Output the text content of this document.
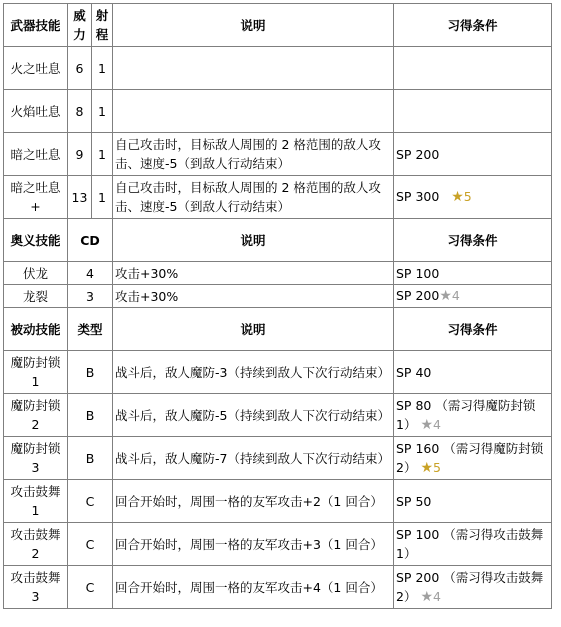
武器技能	威力	射程	说明	习得条件
火之吐息	6	1		
火焰吐息	8	1		
暗之吐息	9	1	自己攻击时，目标敌人周围的 2 格范围的敌人攻击、速度-5（到敌人行动结束）	SP 200
暗之吐息+	13	1	自己攻击时，目标敌人周围的 2 格范围的敌人攻击、速度-5（到敌人行动结束）	SP 300 ★5
奥义技能	CD		说明	习得条件
伏龙	4		攻击+30%	SP 100
龙裂	3		攻击+30%	SP 200★4
被动技能	类型		说明	习得条件
魔防封锁 1	B		战斗后，敌人魔防-3（持续到敌人下次行动结束）	SP 40
魔防封锁 2	B		战斗后，敌人魔防-5（持续到敌人下次行动结束）	SP 80 （需习得魔防封锁 1） ★4
魔防封锁 3	B		战斗后，敌人魔防-7（持续到敌人下次行动结束）	SP 160 （需习得魔防封锁 2） ★5
攻击鼓舞 1	C		回合开始时，周围一格的友军攻击+2（1 回合）	SP 50
攻击鼓舞 2	C		回合开始时，周围一格的友军攻击+3（1 回合）	SP 100 （需习得攻击鼓舞 1）
攻击鼓舞 3	C		回合开始时，周围一格的友军攻击+4（1 回合）	SP 200 （需习得攻击鼓舞 2） ★4
